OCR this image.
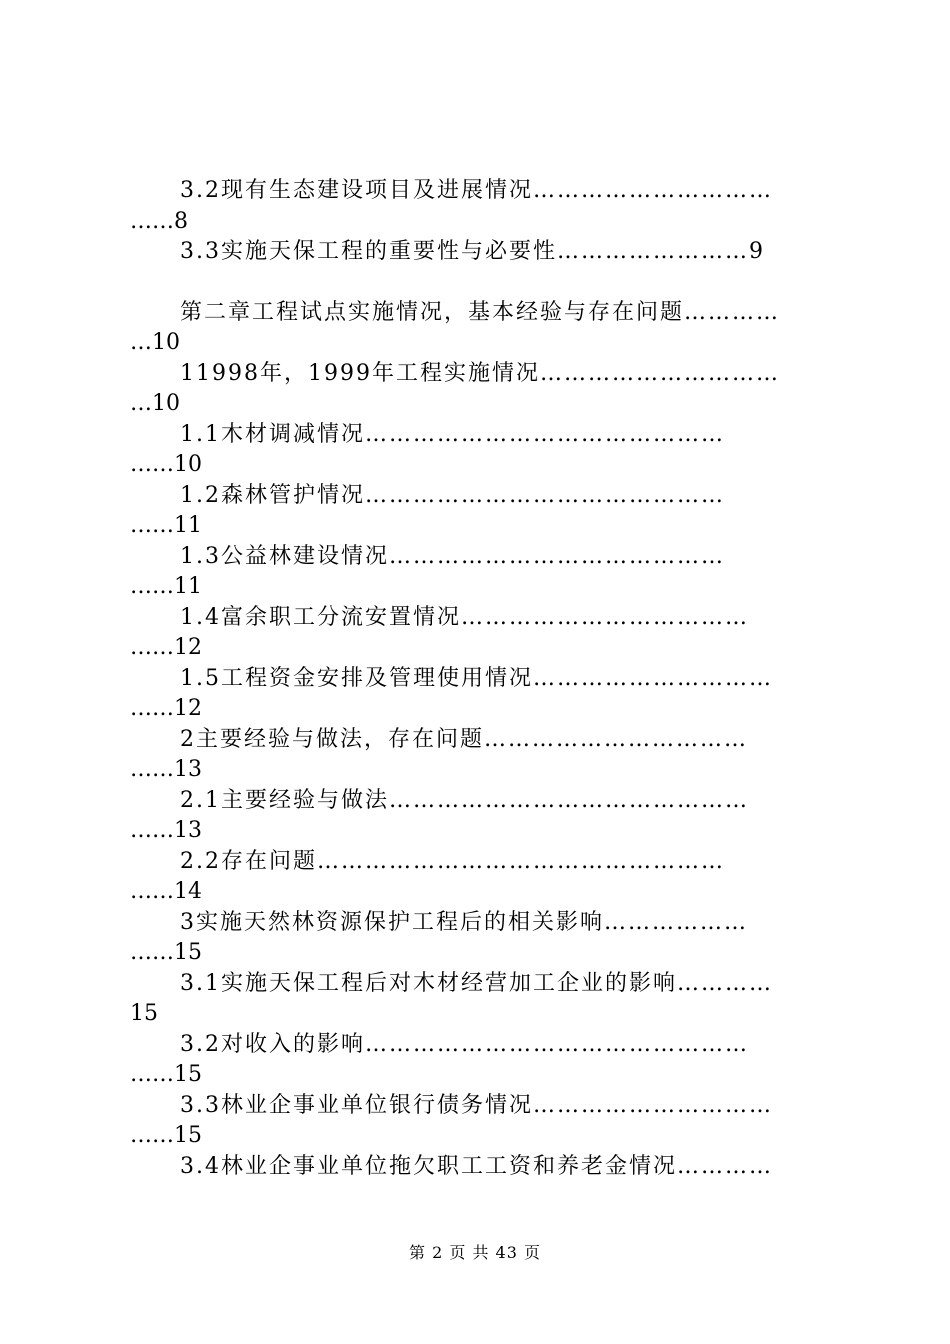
3.2现有生态建设项目及进展情况…………………………
……8
3.3实施天保工程的重要性与必要性……………………9
第二章工程试点实施情况，基本经验与存在问题…………
…10
11998年，1999年工程实施情况…………………………
…10
1.1木材调减情况………………………………………
……10
1.2森林管护情况………………………………………
……11
1.3公益林建设情况……………………………………
……11
1.4富余职工分流安置情况………………………………
……12
1.5工程资金安排及管理使用情况…………………………
……12
2主要经验与做法，存在问题……………………………
……13
2.1主要经验与做法………………………………………
……13
2.2存在问题……………………………………………
……14
3实施天然林资源保护工程后的相关影响………………
……15
3.1实施天保工程后对木材经营加工企业的影响…………
15
3.2对收入的影响…………………………………………
……15
3.3林业企事业单位银行债务情况…………………………
……15
3.4林业企事业单位拖欠职工工资和养老金情况…………
第 2 页 共 43 页
